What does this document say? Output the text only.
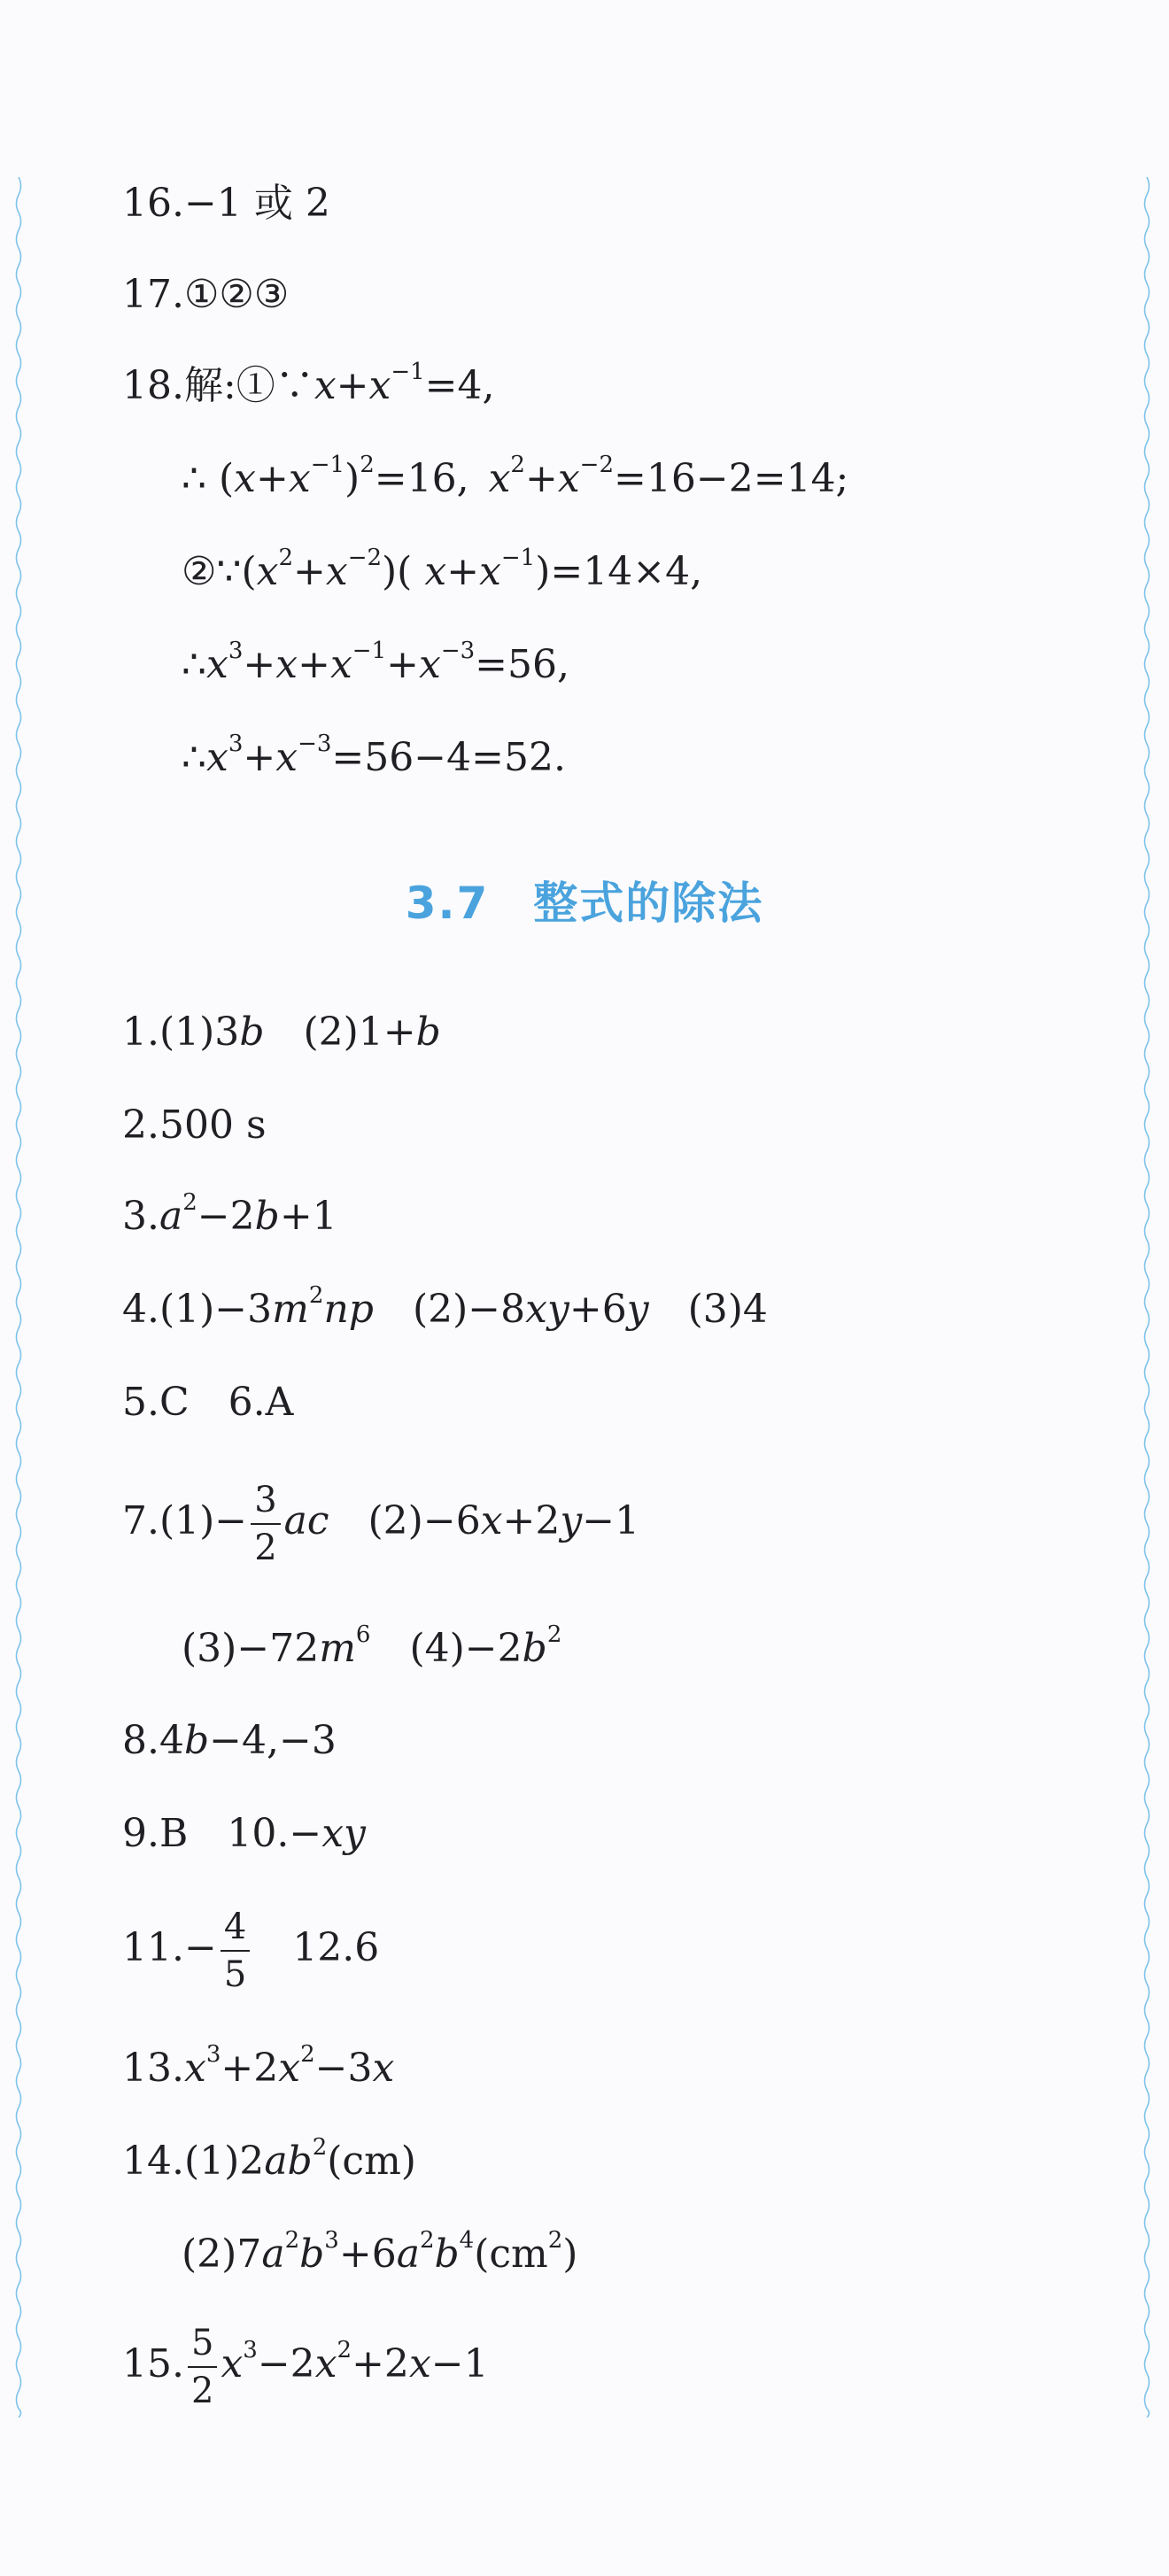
16.−1 或 2
17.①②③
18.解$:①\because x+x^{-1}=4$,
∴ $(x+x^{-1})^2=16$, $x^2+x^{-2}=16-2=14$;
$②\because(x^2+x^{-2})$( $x+x^{-1})=14\times 4$,
$\therefore x^3+x+x^{-1}+x^{-3}=56$,
$\therefore x^3+x^{-3}=56-4=52$.
3.7 整式的除法
1.(1)3b (2)1+b
2.500 s
$3.a^2-2b+1$
$4.(1)-3m^2np$ (2)−8xy+6y (3)4
5.C 6.A
$7.(1)- \frac{3}{2}$ ac (2)−6x+2y−1
$(3)-72m^6$ $(4)-2b^2$
8.4b−4,−3
9.B 10.−xy
$11.- \frac{4}{5} 12.6$
$13.x^3+2x^2-3x$
$14.(1)2ab^2(cm)$
$(2)7a^2b^3+6a^2b^4(cm^2)$
15. $\frac{5}{2} x^3-2x^2+2x-1$
